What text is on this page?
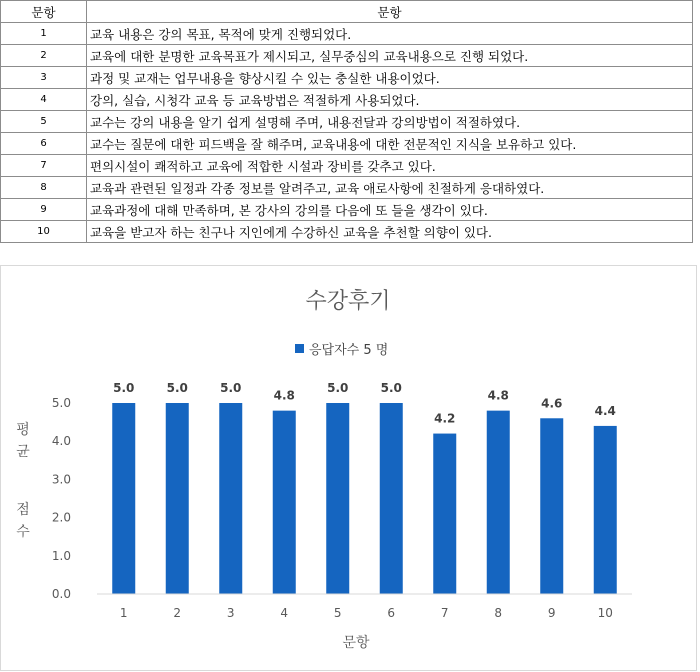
문항	문항
1	교육 내용은 강의 목표, 목적에 맞게 진행되었다.
2	교육에 대한 분명한 교육목표가 제시되고, 실무중심의 교육내용으로 진행 되었다.
3	과정 및 교재는 업무내용을 향상시킬 수 있는 충실한 내용이었다.
4	강의, 실습, 시청각 교육 등 교육방법은 적절하게 사용되었다.
5	교수는 강의 내용을 알기 쉽게 설명해 주며, 내용전달과 강의방법이 적절하였다.
6	교수는 질문에 대한 피드백을 잘 해주며, 교육내용에 대한 전문적인 지식을 보유하고 있다.
7	편의시설이 쾌적하고 교육에 적합한 시설과 장비를 갖추고 있다.
8	교육과 관련된 일정과 각종 정보를 알려주고, 교육 애로사항에 친절하게 응대하였다.
9	교육과정에 대해 만족하며, 본 강사의 강의를 다음에 또 들을 생각이 있다.
10	교육을 받고자 하는 친구나 지인에게 수강하신 교육을 추천할 의향이 있다.
수강후기
응답자수 5 명
평
균
점
수
0.0
1.0
2.0
3.0
4.0
5.0
5.0	5.0	5.0
4.8
5.0	5.0
4.2
4.8
4.6
4.4
1	2	3	4	5	6	7	8	9	10
문항
